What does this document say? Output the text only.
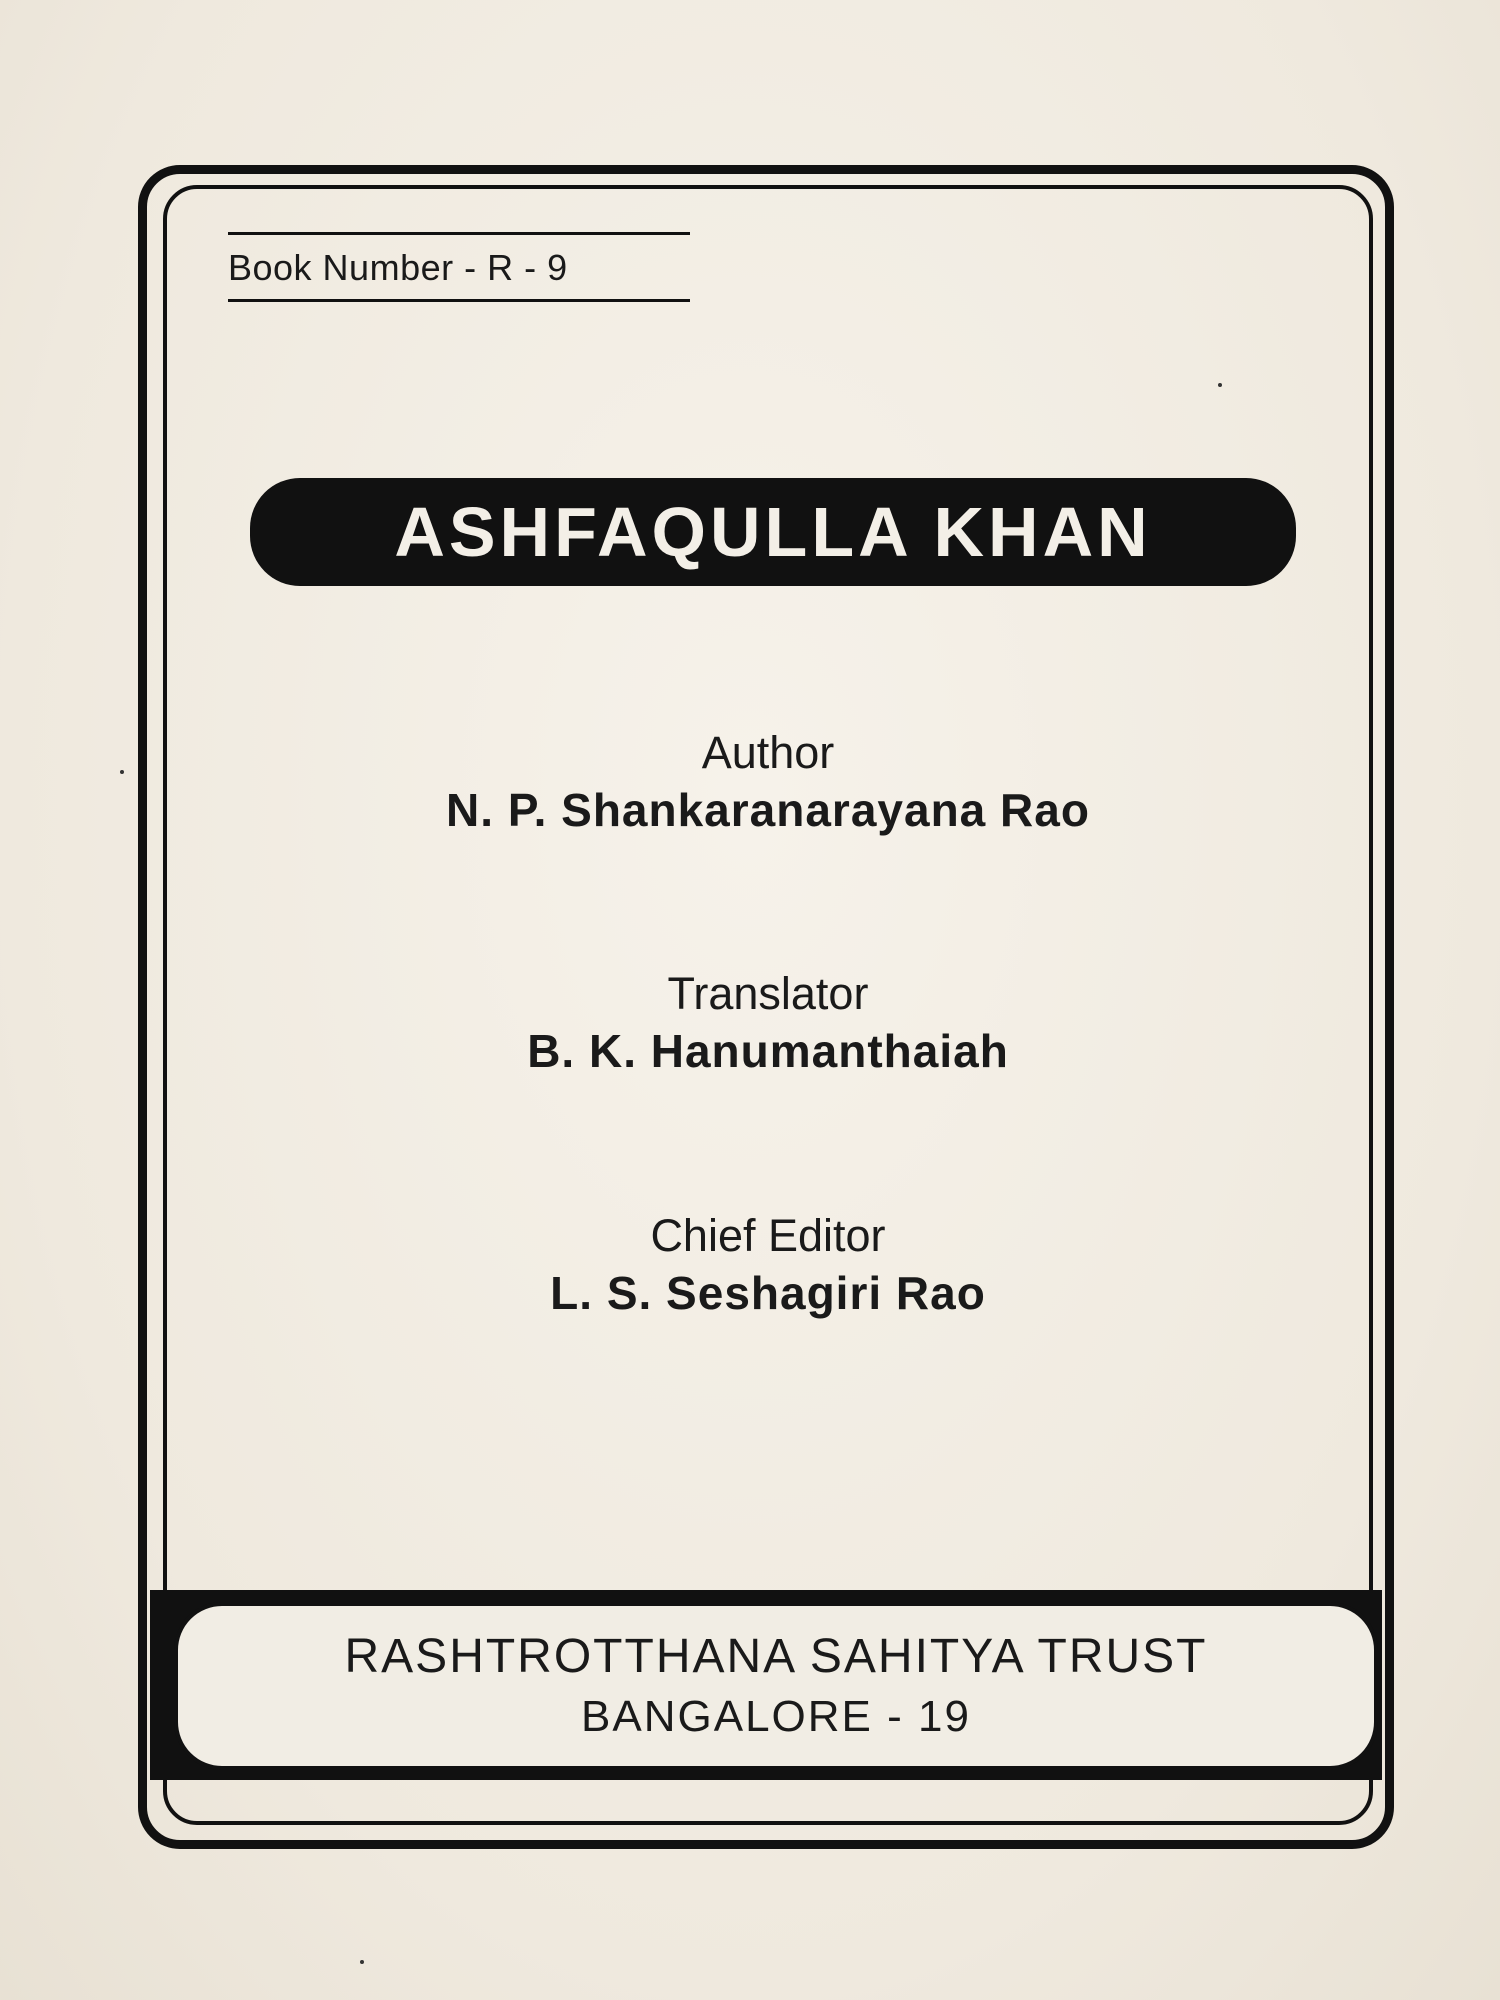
Book Number - R - 9
ASHFAQULLA KHAN
Author
N. P. Shankaranarayana Rao
Translator
B. K. Hanumanthaiah
Chief Editor
L. S. Seshagiri Rao
RASHTROTTHANA SAHITYA TRUST
BANGALORE - 19
